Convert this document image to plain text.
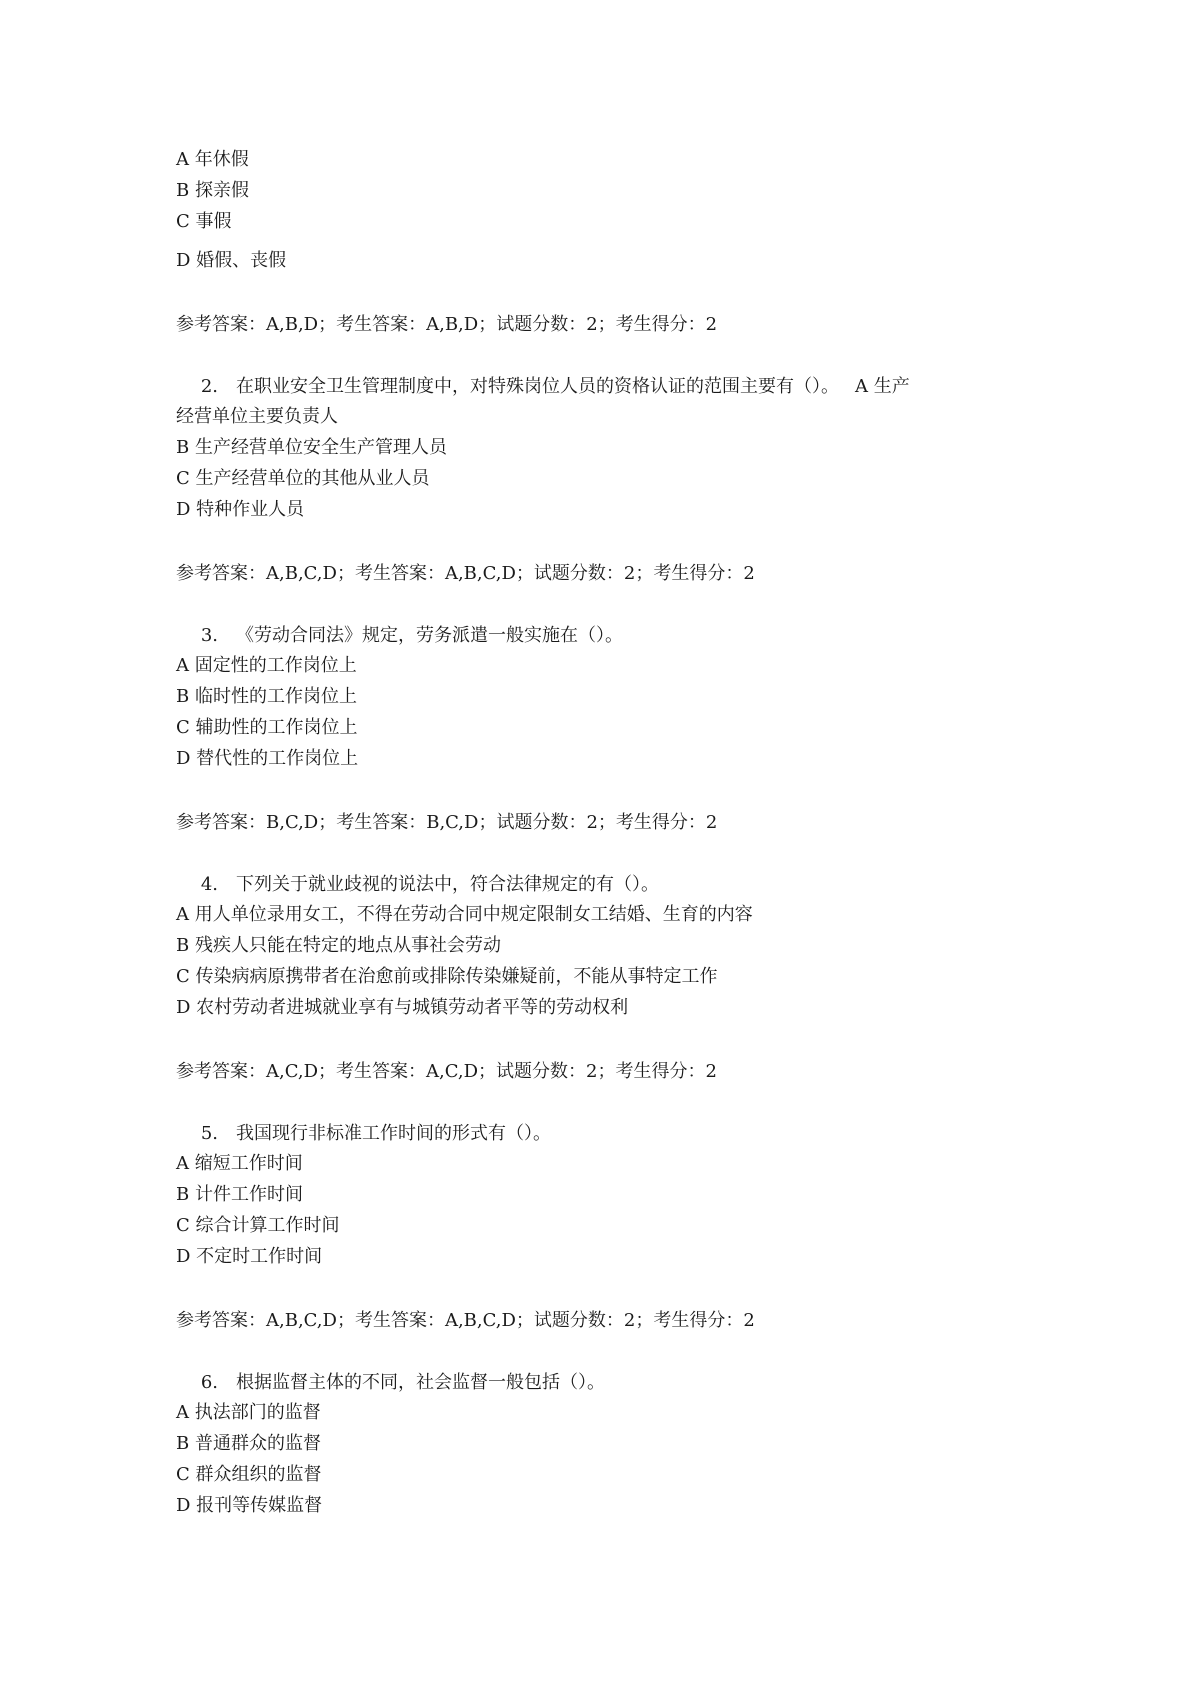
A 年休假
B 探亲假
C 事假
D 婚假、丧假
参考答案：A,B,D；考生答案：A,B,D；试题分数：2；考生得分：2
2. 在职业安全卫生管理制度中，对特殊岗位人员的资格认证的范围主要有（）。 A 生产
经营单位主要负责人
B 生产经营单位安全生产管理人员
C 生产经营单位的其他从业人员
D 特种作业人员
参考答案：A,B,C,D；考生答案：A,B,C,D；试题分数：2；考生得分：2
3. 《劳动合同法》规定，劳务派遣一般实施在（）。
A 固定性的工作岗位上
B 临时性的工作岗位上
C 辅助性的工作岗位上
D 替代性的工作岗位上
参考答案：B,C,D；考生答案：B,C,D；试题分数：2；考生得分：2
4. 下列关于就业歧视的说法中，符合法律规定的有（）。
A 用人单位录用女工，不得在劳动合同中规定限制女工结婚、生育的内容
B 残疾人只能在特定的地点从事社会劳动
C 传染病病原携带者在治愈前或排除传染嫌疑前，不能从事特定工作
D 农村劳动者进城就业享有与城镇劳动者平等的劳动权利
参考答案：A,C,D；考生答案：A,C,D；试题分数：2；考生得分：2
5. 我国现行非标准工作时间的形式有（）。
A 缩短工作时间
B 计件工作时间
C 综合计算工作时间
D 不定时工作时间
参考答案：A,B,C,D；考生答案：A,B,C,D；试题分数：2；考生得分：2
6. 根据监督主体的不同，社会监督一般包括（）。
A 执法部门的监督
B 普通群众的监督
C 群众组织的监督
D 报刊等传媒监督
